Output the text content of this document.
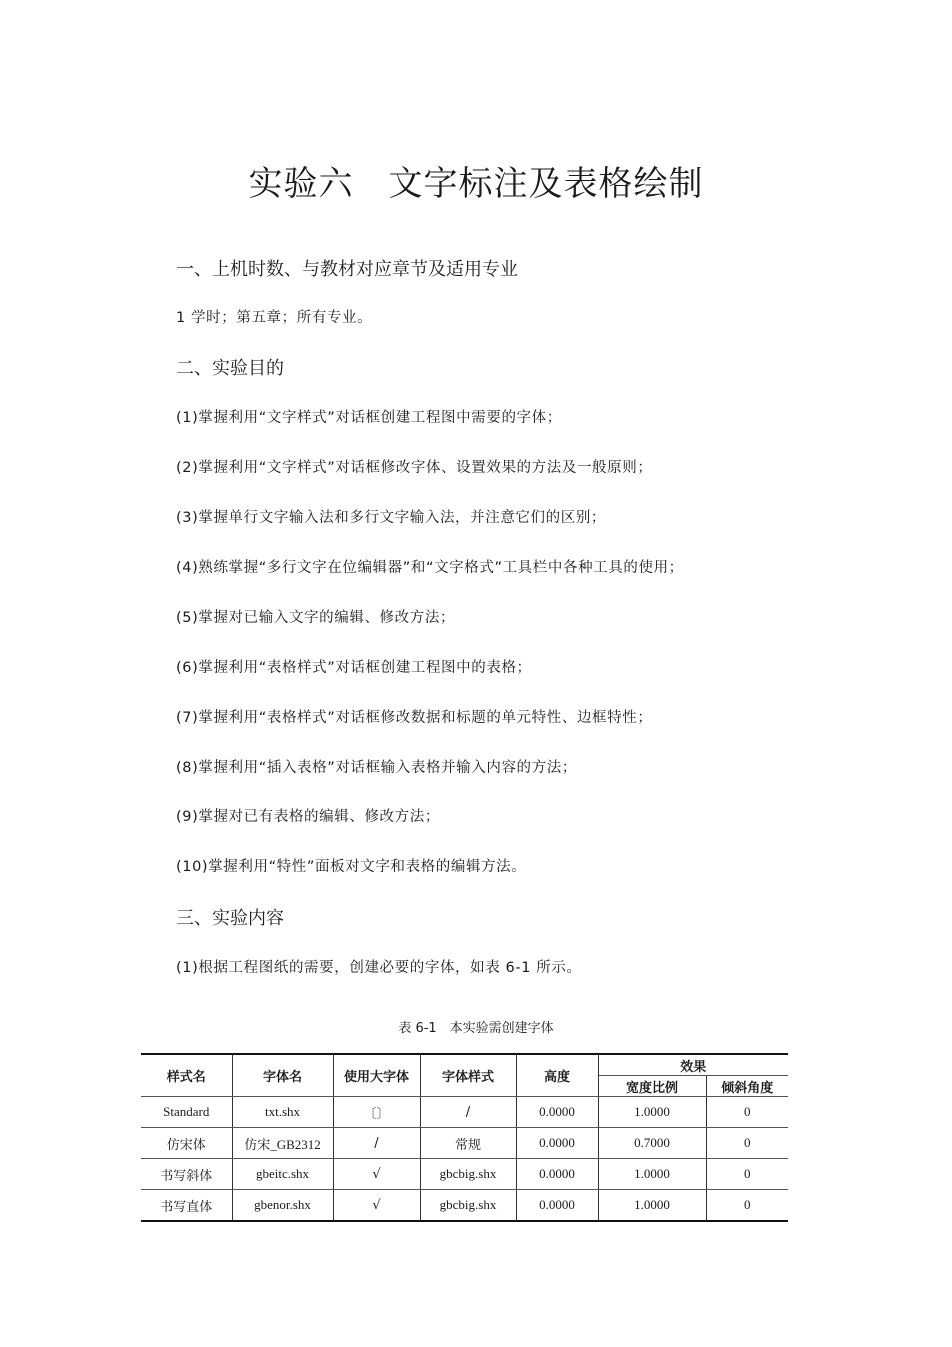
实验六　文字标注及表格绘制
一、上机时数、与教材对应章节及适用专业

1 学时；第五章；所有专业。

二、实验目的

(1)掌握利用“文字样式”对话框创建工程图中需要的字体；

(2)掌握利用“文字样式”对话框修改字体、设置效果的方法及一般原则；

(3)掌握单行文字输入法和多行文字输入法，并注意它们的区别；

(4)熟练掌握“多行文字在位编辑器”和“文字格式”工具栏中各种工具的使用；

(5)掌握对已输入文字的编辑、修改方法；

(6)掌握利用“表格样式”对话框创建工程图中的表格；

(7)掌握利用“表格样式”对话框修改数据和标题的单元特性、边框特性；

(8)掌握利用“插入表格”对话框输入表格并输入内容的方法；

(9)掌握对已有表格的编辑、修改方法；

(10)掌握利用“特性”面板对文字和表格的编辑方法。

三、实验内容

(1)根据工程图纸的需要，创建必要的字体，如表 6-1 所示。

表 6-1　本实验需创建字体

样式名	字体名	使用大字体	字体样式	高度	效果	
					宽度比例	倾斜角度
Standard	txt.shx	〔〕	/	0.0000	1.0000	0
仿宋体	仿宋_GB2312	/	常规	0.0000	0.7000	0
书写斜体	gbeitc.shx	√	gbcbig.shx	0.0000	1.0000	0
书写直体	gbenor.shx	√	gbcbig.shx	0.0000	1.0000	0
